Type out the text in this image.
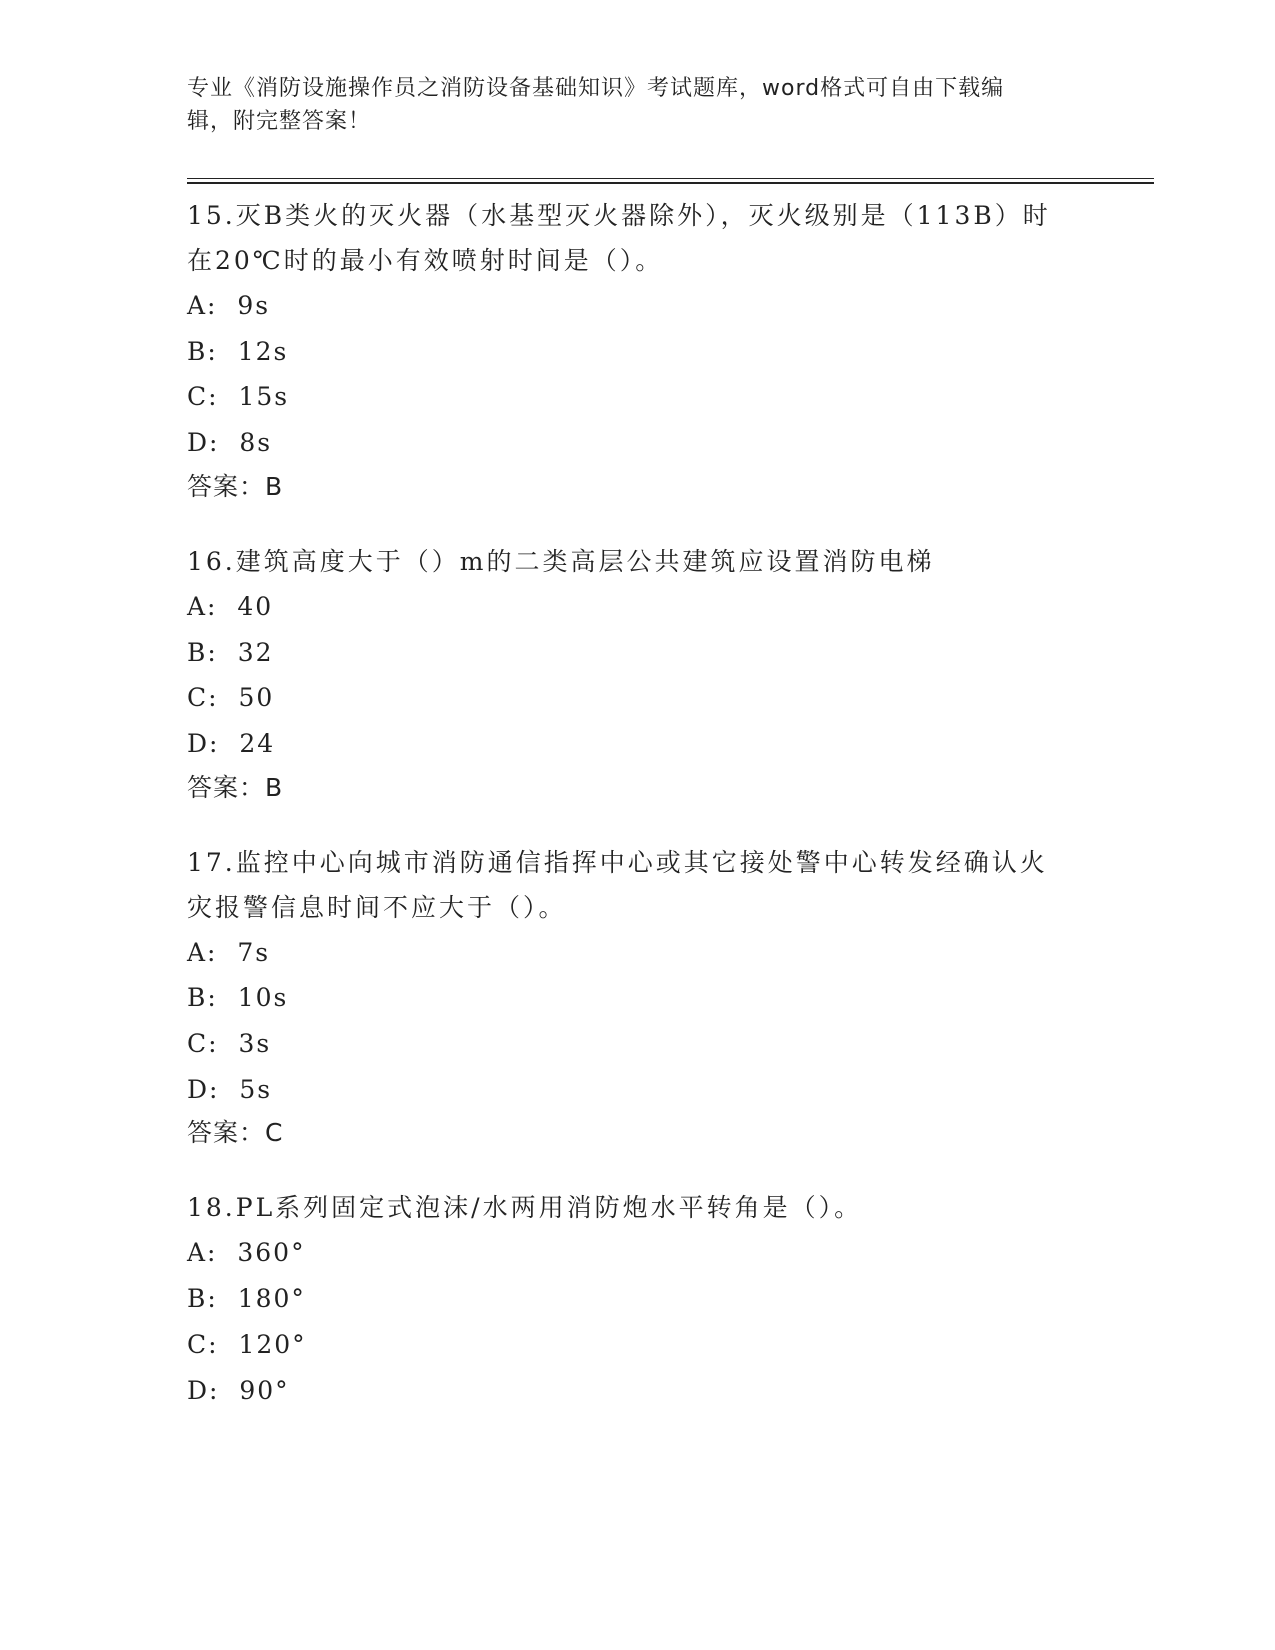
专业《消防设施操作员之消防设备基础知识》考试题库，word格式可自由下载编
辑，附完整答案！
15.灭B类火的灭火器（水基型灭火器除外），灭火级别是（113B）时
在20℃时的最小有效喷射时间是（）。
A:  9s
B:  12s
C:  15s
D:  8s
答案：B
16.建筑高度大于（）m的二类高层公共建筑应设置消防电梯
A:  40
B:  32
C:  50
D:  24
答案：B
17.监控中心向城市消防通信指挥中心或其它接处警中心转发经确认火
灾报警信息时间不应大于（）。
A:  7s
B:  10s
C:  3s
D:  5s
答案：C
18.PL系列固定式泡沫/水两用消防炮水平转角是（）。
A:  360°
B:  180°
C:  120°
D:  90°
